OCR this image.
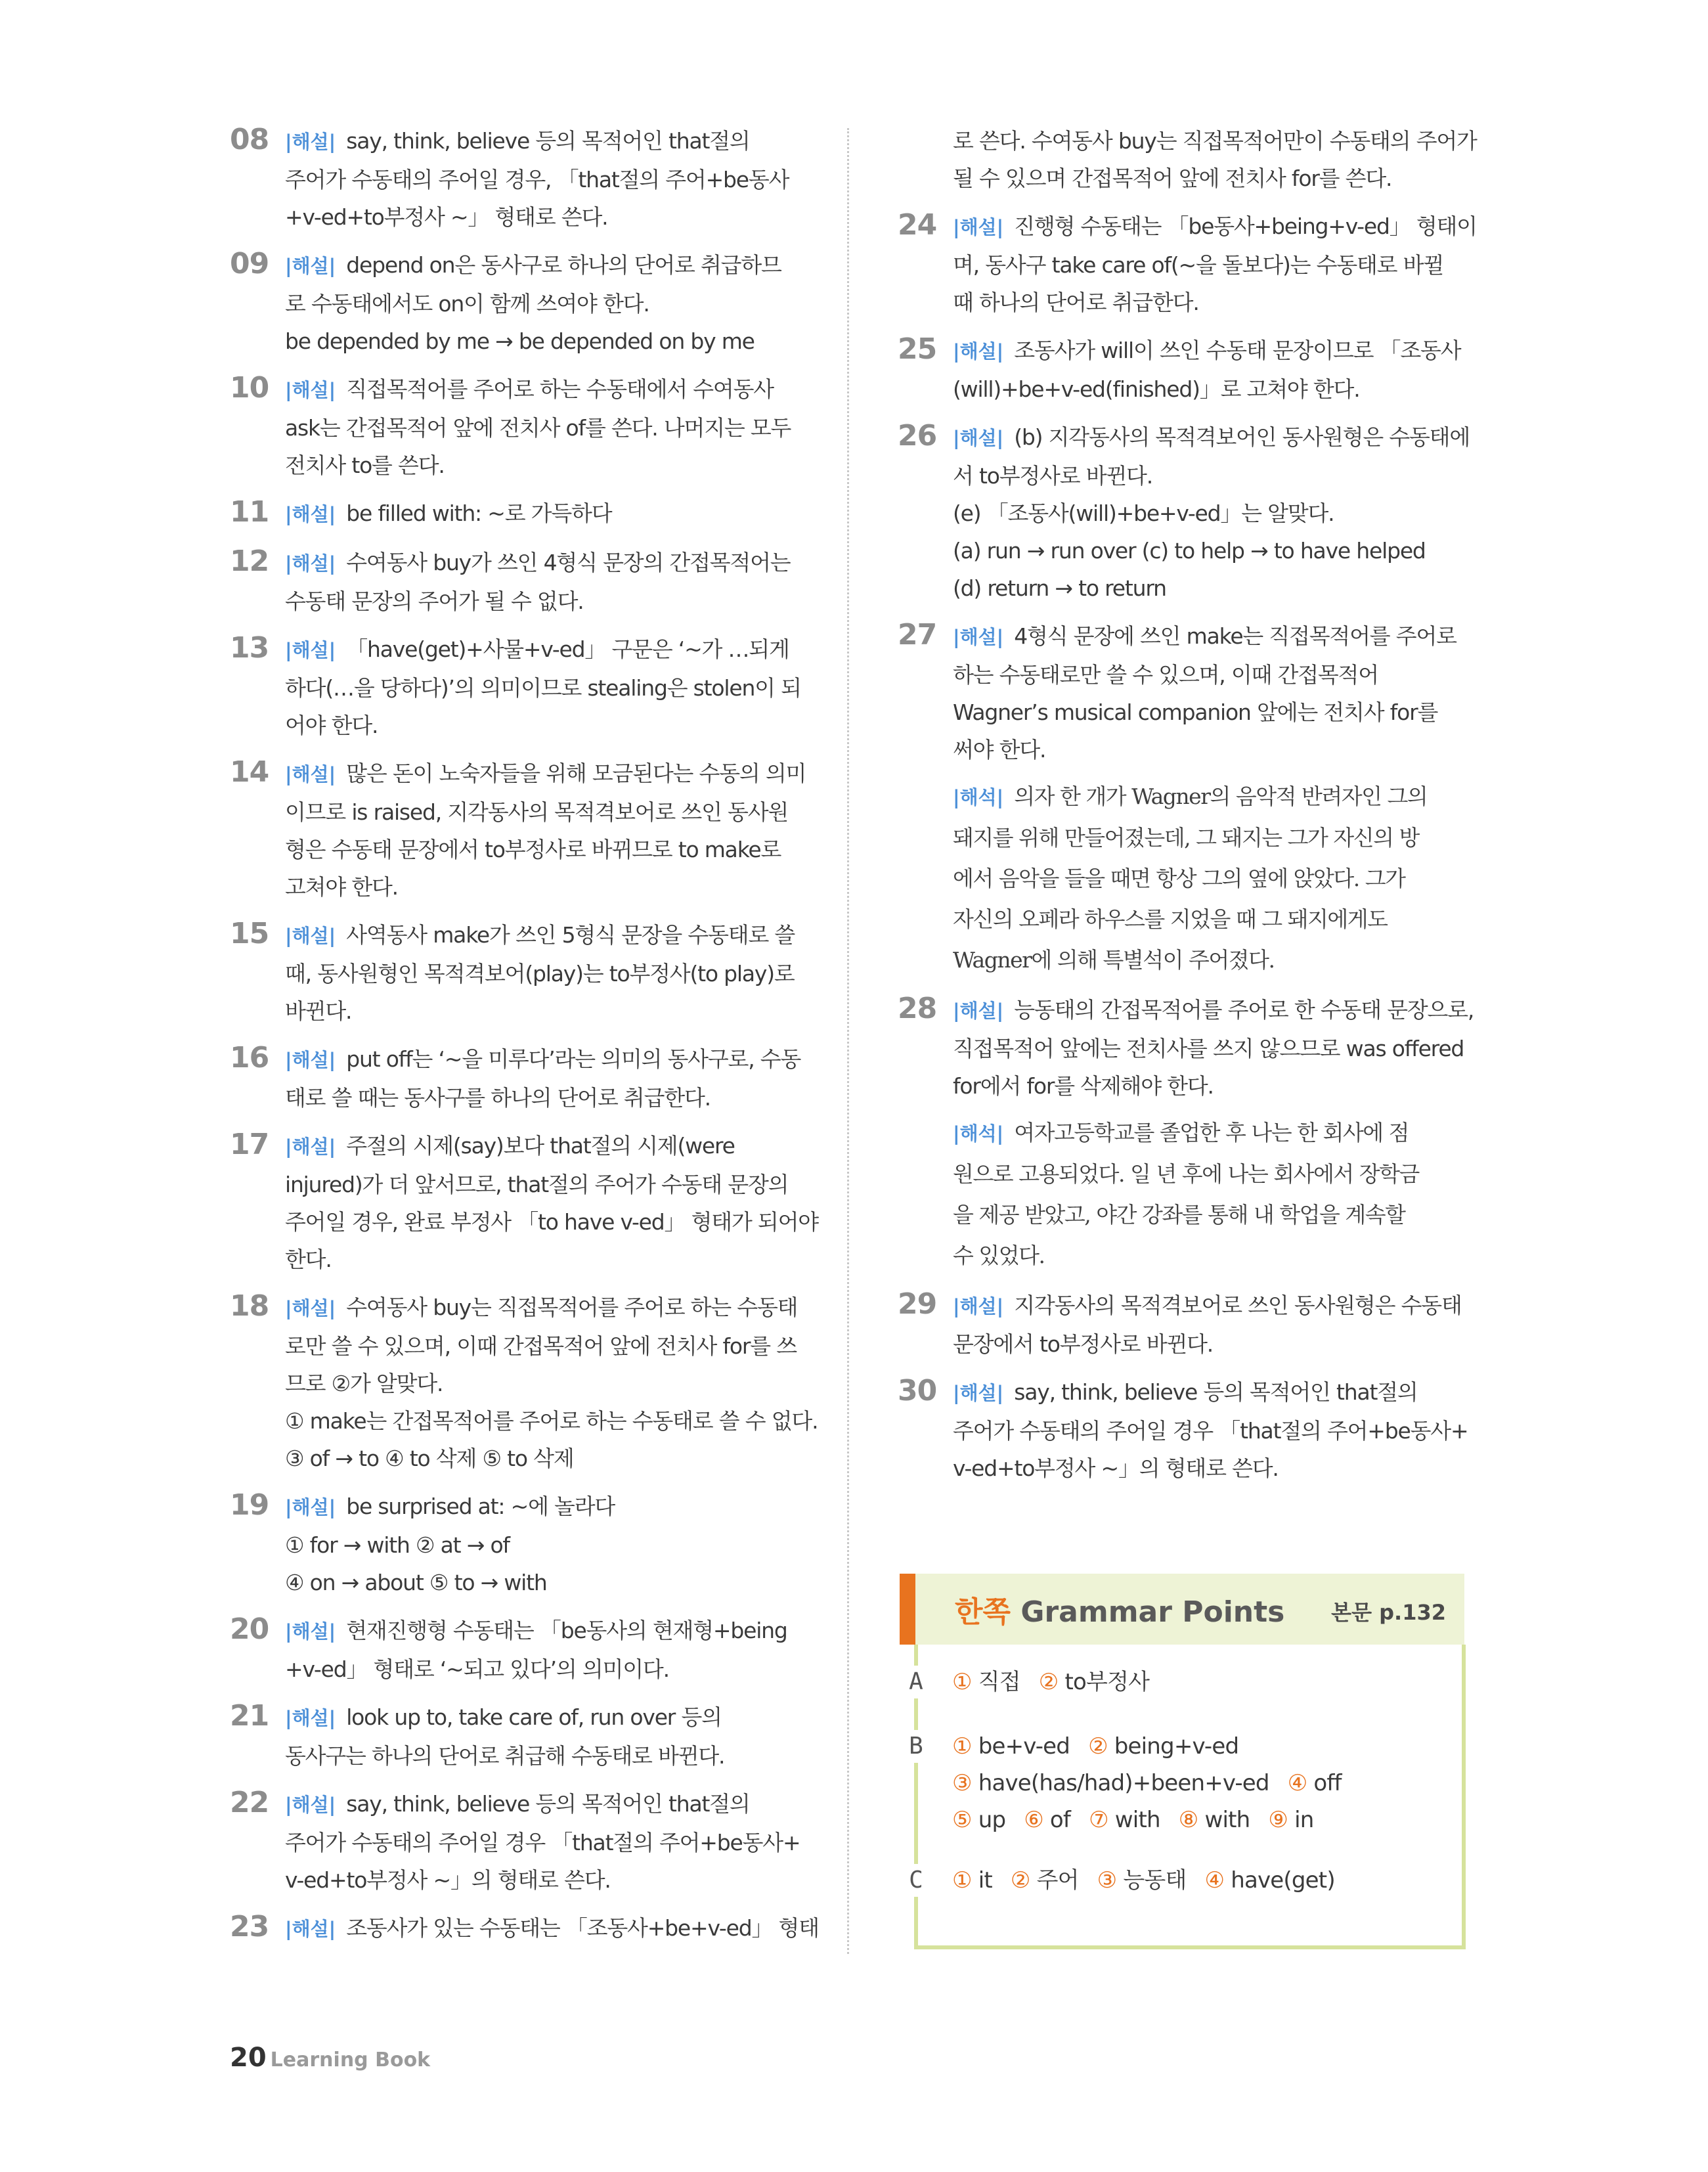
08 |해설| say, think, believe 등의 목적어인 that절의
주어가 수동태의 주어일 경우, 「that절의 주어+be동사
+v-ed+to부정사 ~」 형태로 쓴다.
09 |해설| depend on은 동사구로 하나의 단어로 취급하므
로 수동태에서도 on이 함께 쓰여야 한다.
be depended by me → be depended on by me
10 |해설| 직접목적어를 주어로 하는 수동태에서 수여동사
ask는 간접목적어 앞에 전치사 of를 쓴다. 나머지는 모두
전치사 to를 쓴다.
11 |해설| be filled with: ~로 가득하다
12 |해설| 수여동사 buy가 쓰인 4형식 문장의 간접목적어는
수동태 문장의 주어가 될 수 없다.
13 |해설| 「have(get)+사물+v-ed」 구문은 ‘~가 …되게
하다(…을 당하다)’의 의미이므로 stealing은 stolen이 되
어야 한다.
14 |해설| 많은 돈이 노숙자들을 위해 모금된다는 수동의 의미
이므로 is raised, 지각동사의 목적격보어로 쓰인 동사원
형은 수동태 문장에서 to부정사로 바뀌므로 to make로
고쳐야 한다.
15 |해설| 사역동사 make가 쓰인 5형식 문장을 수동태로 쓸
때, 동사원형인 목적격보어(play)는 to부정사(to play)로
바뀐다.
16 |해설| put off는 ‘~을 미루다’라는 의미의 동사구로, 수동
태로 쓸 때는 동사구를 하나의 단어로 취급한다.
17 |해설| 주절의 시제(say)보다 that절의 시제(were
injured)가 더 앞서므로, that절의 주어가 수동태 문장의
주어일 경우, 완료 부정사 「to have v-ed」 형태가 되어야
한다.
18 |해설| 수여동사 buy는 직접목적어를 주어로 하는 수동태
로만 쓸 수 있으며, 이때 간접목적어 앞에 전치사 for를 쓰
므로 ②가 알맞다.
① make는 간접목적어를 주어로 하는 수동태로 쓸 수 없다.
③ of → to ④ to 삭제 ⑤ to 삭제
19 |해설| be surprised at: ~에 놀라다
① for → with ② at → of
④ on → about ⑤ to → with
20 |해설| 현재진행형 수동태는 「be동사의 현재형+being
+v-ed」 형태로 ‘~되고 있다’의 의미이다.
21 |해설| look up to, take care of, run over 등의
동사구는 하나의 단어로 취급해 수동태로 바뀐다.
22 |해설| say, think, believe 등의 목적어인 that절의
주어가 수동태의 주어일 경우 「that절의 주어+be동사+
v-ed+to부정사 ~」의 형태로 쓴다.
23 |해설| 조동사가 있는 수동태는 「조동사+be+v-ed」 형태
로 쓴다. 수여동사 buy는 직접목적어만이 수동태의 주어가
될 수 있으며 간접목적어 앞에 전치사 for를 쓴다.
24 |해설| 진행형 수동태는 「be동사+being+v-ed」 형태이
며, 동사구 take care of(~을 돌보다)는 수동태로 바뀔
때 하나의 단어로 취급한다.
25 |해설| 조동사가 will이 쓰인 수동태 문장이므로 「조동사
(will)+be+v-ed(finished)」로 고쳐야 한다.
26 |해설| (b) 지각동사의 목적격보어인 동사원형은 수동태에
서 to부정사로 바뀐다.
(e) 「조동사(will)+be+v-ed」는 알맞다.
(a) run → run over (c) to help → to have helped
(d) return → to return
27 |해설| 4형식 문장에 쓰인 make는 직접목적어를 주어로
하는 수동태로만 쓸 수 있으며, 이때 간접목적어
Wagner’s musical companion 앞에는 전치사 for를
써야 한다.
|해석| 의자 한 개가 Wagner의 음악적 반려자인 그의
돼지를 위해 만들어졌는데, 그 돼지는 그가 자신의 방
에서 음악을 들을 때면 항상 그의 옆에 앉았다. 그가
자신의 오페라 하우스를 지었을 때 그 돼지에게도
Wagner에 의해 특별석이 주어졌다.
28 |해설| 능동태의 간접목적어를 주어로 한 수동태 문장으로,
직접목적어 앞에는 전치사를 쓰지 않으므로 was offered
for에서 for를 삭제해야 한다.
|해석| 여자고등학교를 졸업한 후 나는 한 회사에 점
원으로 고용되었다. 일 년 후에 나는 회사에서 장학금
을 제공 받았고, 야간 강좌를 통해 내 학업을 계속할
수 있었다.
29 |해설| 지각동사의 목적격보어로 쓰인 동사원형은 수동태
문장에서 to부정사로 바뀐다.
30 |해설| say, think, believe 등의 목적어인 that절의
주어가 수동태의 주어일 경우 「that절의 주어+be동사+
v-ed+to부정사 ~」의 형태로 쓴다.
한쪽 Grammar Points 본문 p.132
A ① 직접 ② to부정사
B ① be+v-ed ② being+v-ed
③ have(has/had)+been+v-ed ④ off
⑤ up ⑥ of ⑦ with ⑧ with ⑨ in
C ① it ② 주어 ③ 능동태 ④ have(get)
20 Learning Book
